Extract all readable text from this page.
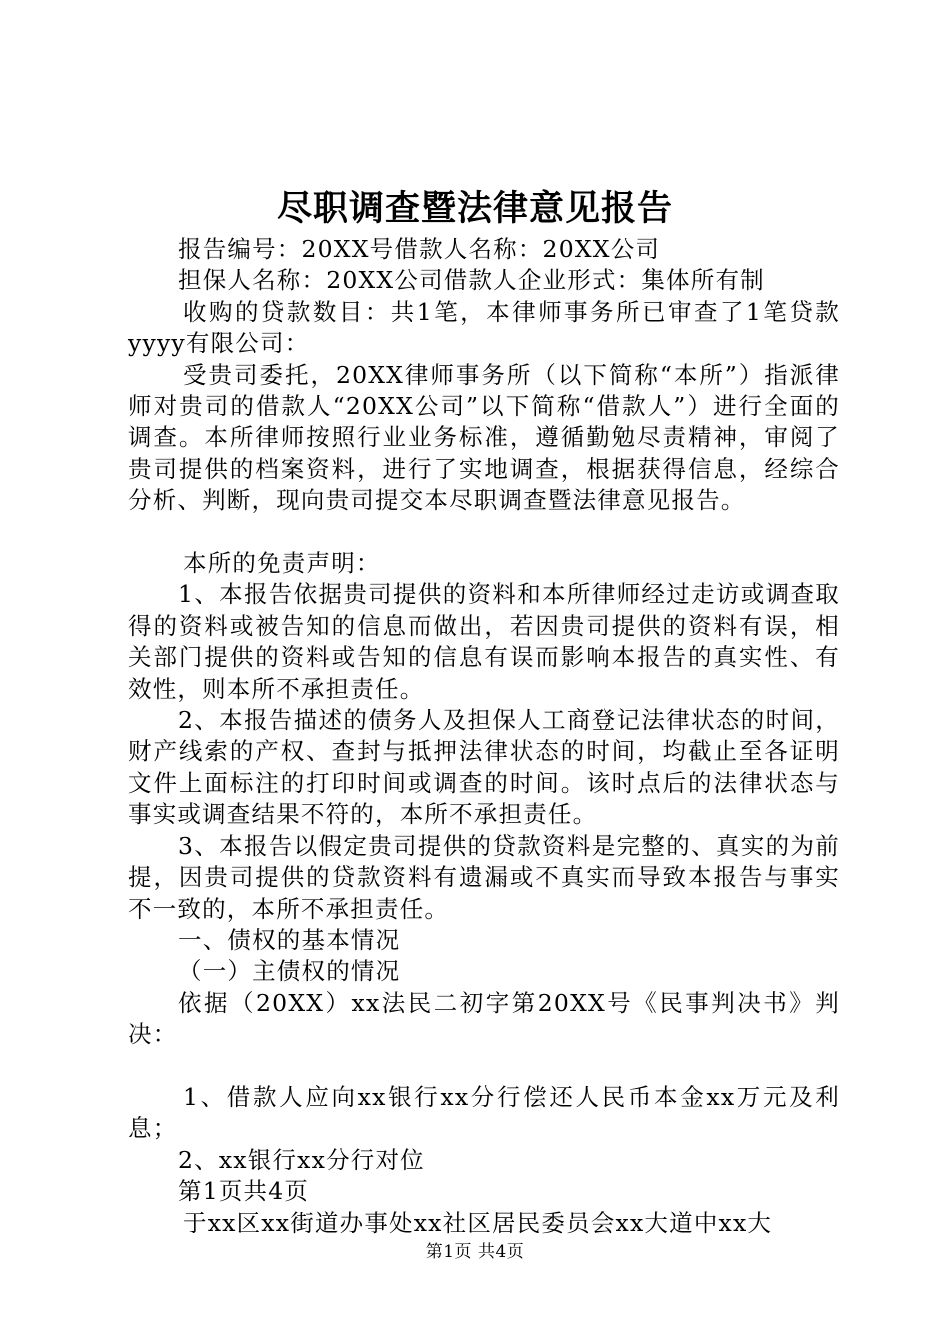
尽职调查暨法律意见报告

报告编号：20XX号借款人名称：20XX公司

担保人名称：20XX公司借款人企业形式：集体所有制

收购的贷款数目：共1笔，本律师事务所已审查了1笔贷款yyyy有限公司：

受贵司委托，20XX律师事务所（以下简称“本所”）指派律师对贵司的借款人“20XX公司”以下简称“借款人”）进行全面的调查。本所律师按照行业业务标准，遵循勤勉尽责精神，审阅了贵司提供的档案资料，进行了实地调查，根据获得信息，经综合分析、判断，现向贵司提交本尽职调查暨法律意见报告。

本所的免责声明：

1、本报告依据贵司提供的资料和本所律师经过走访或调查取得的资料或被告知的信息而做出，若因贵司提供的资料有误，相关部门提供的资料或告知的信息有误而影响本报告的真实性、有效性，则本所不承担责任。

2、本报告描述的债务人及担保人工商登记法律状态的时间，财产线索的产权、查封与抵押法律状态的时间，均截止至各证明文件上面标注的打印时间或调查的时间。该时点后的法律状态与事实或调查结果不符的，本所不承担责任。

3、本报告以假定贵司提供的贷款资料是完整的、真实的为前提，因贵司提供的贷款资料有遗漏或不真实而导致本报告与事实不一致的，本所不承担责任。

一、债权的基本情况

（一）主债权的情况

依据（20XX）xx法民二初字第20XX号《民事判决书》判决：

1、借款人应向xx银行xx分行偿还人民币本金xx万元及利息；

2、xx银行xx分行对位

第1页共4页

于xx区xx街道办事处xx社区居民委员会xx大道中xx大

第1页 共4页
